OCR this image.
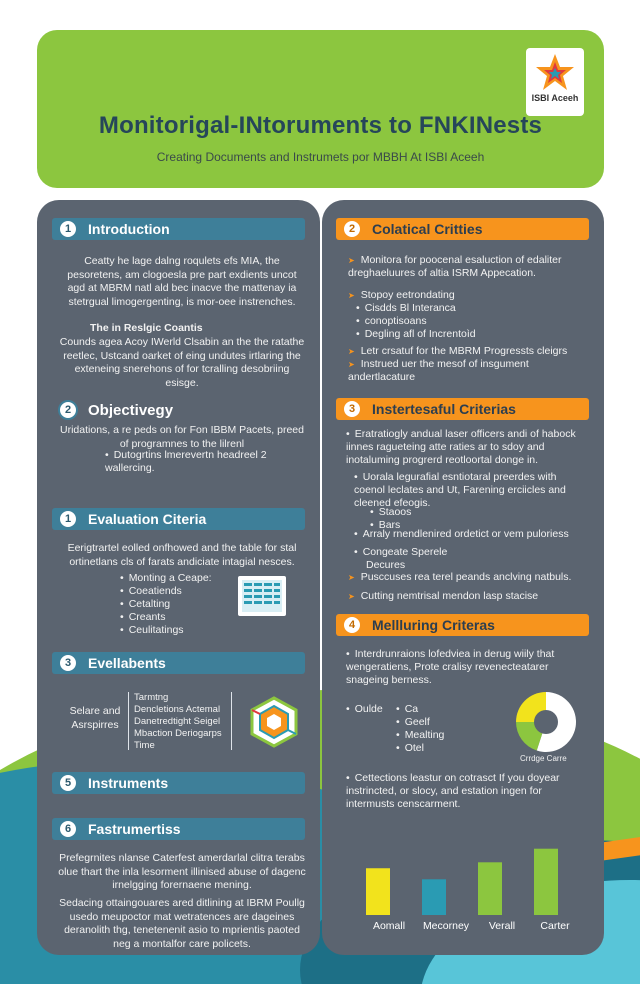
ISBI Aceeh
Monitorigal-INtoruments to FNKINests
Creating Documents and Instrumets por MBBH At ISBI Aceeh
1	Introduction
Ceatty he lage dalng roqulets efs MIA, the pesoretens, am clogoesla pre part exdients uncot agd at MBRM natl ald bec inacve the mattenay ia stetrgual limogergenting, is mor-oee instrenches.
The in Reslgic Coantis
Counds agea Acoy IWerld Clsabin an the the ratathe reetlec, Ustcand oarket of eing undutes irtlaring the exteneing snerehons of for tcralling desobriing esisge.
2	Objectivegy
Uridations, a re peds on for Fon IBBM Pacets, preed of programnes to the lilrenl
• Dutogrtins lmerevertn headreel 2 wallercing.
1	Evaluation Citeria
Eerigtrartel eolled onfhowed and the table for stal ortinetlans cls of farats andiciate intagial nesces.
• Monting a Ceape:
• Coeatiends
• Cetalting
• Creants
• Ceulitatings
3	Evellabents
Selare and Asrspirres
Tarmtng
Dencletions Actemal
Danetredtight Seigel
Mbaction Deriogarps
Time
5	Instruments
6	Fastrumertiss
Prefegrnites nlanse Caterfest amerdarlal clitra terabs olue thart the inla lesorment illinised abuse of dagenc irnelgging forernaene mening.
Sedacing ottaingouares ared ditlining at IBRM Poullg usedo meupoctor mat wetratences are dageines deranolith thg, tenetenenit asio to mprientis paoted neg a montalfor care policets.
2	Colatical Critties
➤ Monitora for poocenal esaluction of edaliter dreghaeluures of altia ISRM Appecation.
➤ Stopoy eetrondating
• Cisdds Bl Interanca
• conoptisoans
• Degling afl of Increntoìd
➤ Letr crsatuf for the MBRM Progressts cleigrs
➤ Instrued uer the mesof of insgument andertlacature
3	Instertesaful Criterias
• Eratratiogly andual laser officers andi of habock iinnes ragueteing atte raties ar to sdoy and inotaluming progrerd reotloortal donge in.
• Uorala legurafial esntiotaral preerdes with coenol leclates and Ut, Farening erciicles and cleened efeogis.
• Staoos
• Bars
• Arraly rnendlenired ordetict or vem puloriess
• Congeate Sperele
Decures
➤ Pusccuses rea terel peands anclving natbuls.
➤ Cutting nemtrisal mendon lasp stacise
4	Mellluring Criteras
• Interdrunraions lofedviea in derug wiily that wengeratiens, Prote cralisy revenecteatarer snageing berness.
• Oulde
•	Ca
• Geelf
• Mealting
• Otel
Crrdge Carre
• Cettections leastur on cotrasct If you doyear instrincted, or slocy, and estation ingen for intermusts censcarment.
Aomall	Mecorney	Verall	Carter
